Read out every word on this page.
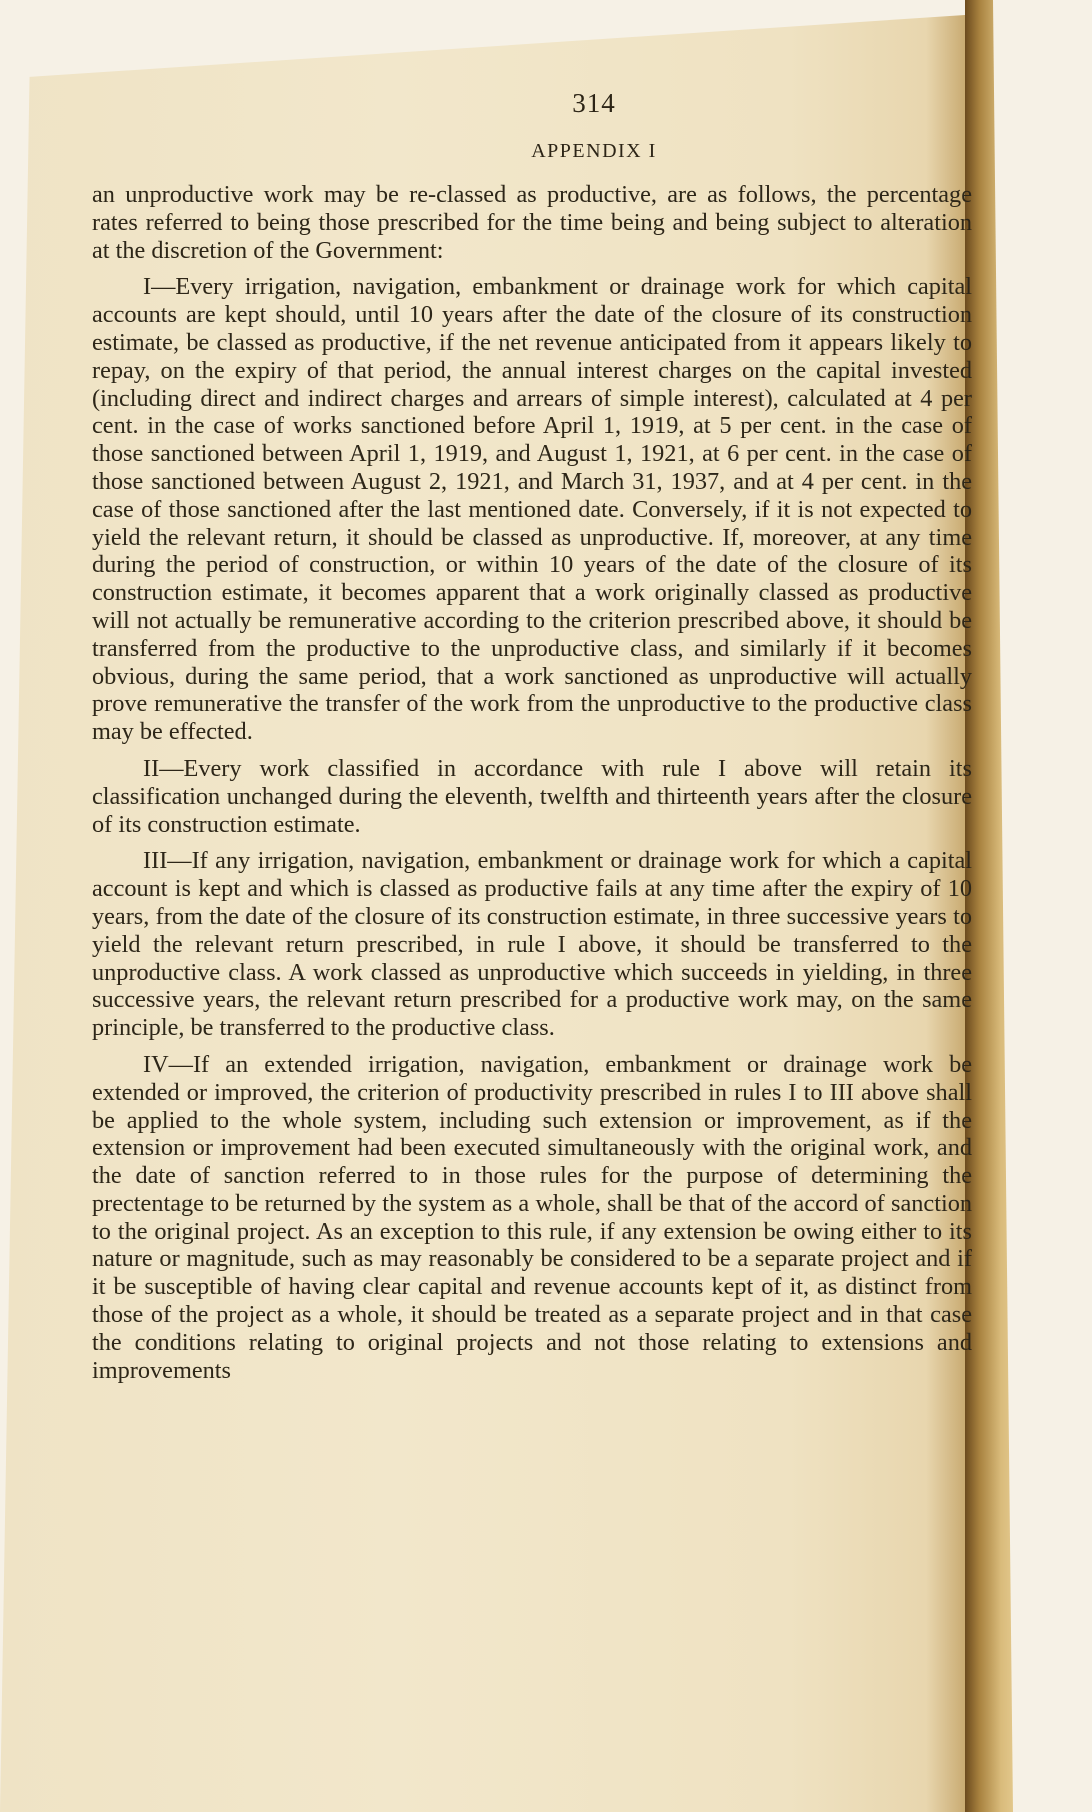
314
APPENDIX I

an unproductive work may be re-classed as productive, are as follows, the percentage rates referred to being those prescribed for the time being and being subject to alteration at the discretion of the Government:

I—Every irrigation, navigation, embankment or drainage work for which capital accounts are kept should, until 10 years after the date of the closure of its construction estimate, be classed as productive, if the net revenue anticipated from it appears likely to repay, on the expiry of that period, the annual interest charges on the capital invested (including direct and indirect charges and arrears of simple interest), calculated at 4 per cent. in the case of works sanctioned before April 1, 1919, at 5 per cent. in the case of those sanctioned between April 1, 1919, and August 1, 1921, at 6 per cent. in the case of those sanctioned between August 2, 1921, and March 31, 1937, and at 4 per cent. in the case of those sanctioned after the last mentioned date. Conversely, if it is not expected to yield the relevant return, it should be classed as unproductive. If, moreover, at any time during the period of construction, or within 10 years of the date of the closure of its construction estimate, it becomes apparent that a work originally classed as productive will not actually be remunerative according to the criterion prescribed above, it should be transferred from the productive to the unproductive class, and similarly if it becomes obvious, during the same period, that a work sanctioned as unproductive will actually prove remunerative the transfer of the work from the unproductive to the productive class may be effected.

II—Every work classified in accordance with rule I above will retain its classification unchanged during the eleventh, twelfth and thirteenth years after the closure of its construction estimate.

III—If any irrigation, navigation, embankment or drainage work for which a capital account is kept and which is classed as productive fails at any time after the expiry of 10 years, from the date of the closure of its construction estimate, in three successive years to yield the relevant return prescribed, in rule I above, it should be transferred to the unproductive class. A work classed as unproductive which succeeds in yielding, in three successive years, the relevant return prescribed for a productive work may, on the same principle, be transferred to the productive class.

IV—If an extended irrigation, navigation, embankment or drainage work be extended or improved, the criterion of productivity prescribed in rules I to III above shall be applied to the whole system, including such extension or improvement, as if the extension or improvement had been executed simultaneously with the original work, and the date of sanction referred to in those rules for the purpose of determining the prectentage to be returned by the system as a whole, shall be that of the accord of sanction to the original project. As an exception to this rule, if any extension be owing either to its nature or magnitude, such as may reasonably be considered to be a separate project and if it be susceptible of having clear capital and revenue accounts kept of it, as distinct from those of the project as a whole, it should be treated as a separate project and in that case the conditions relating to original projects and not those relating to extensions and improvements
